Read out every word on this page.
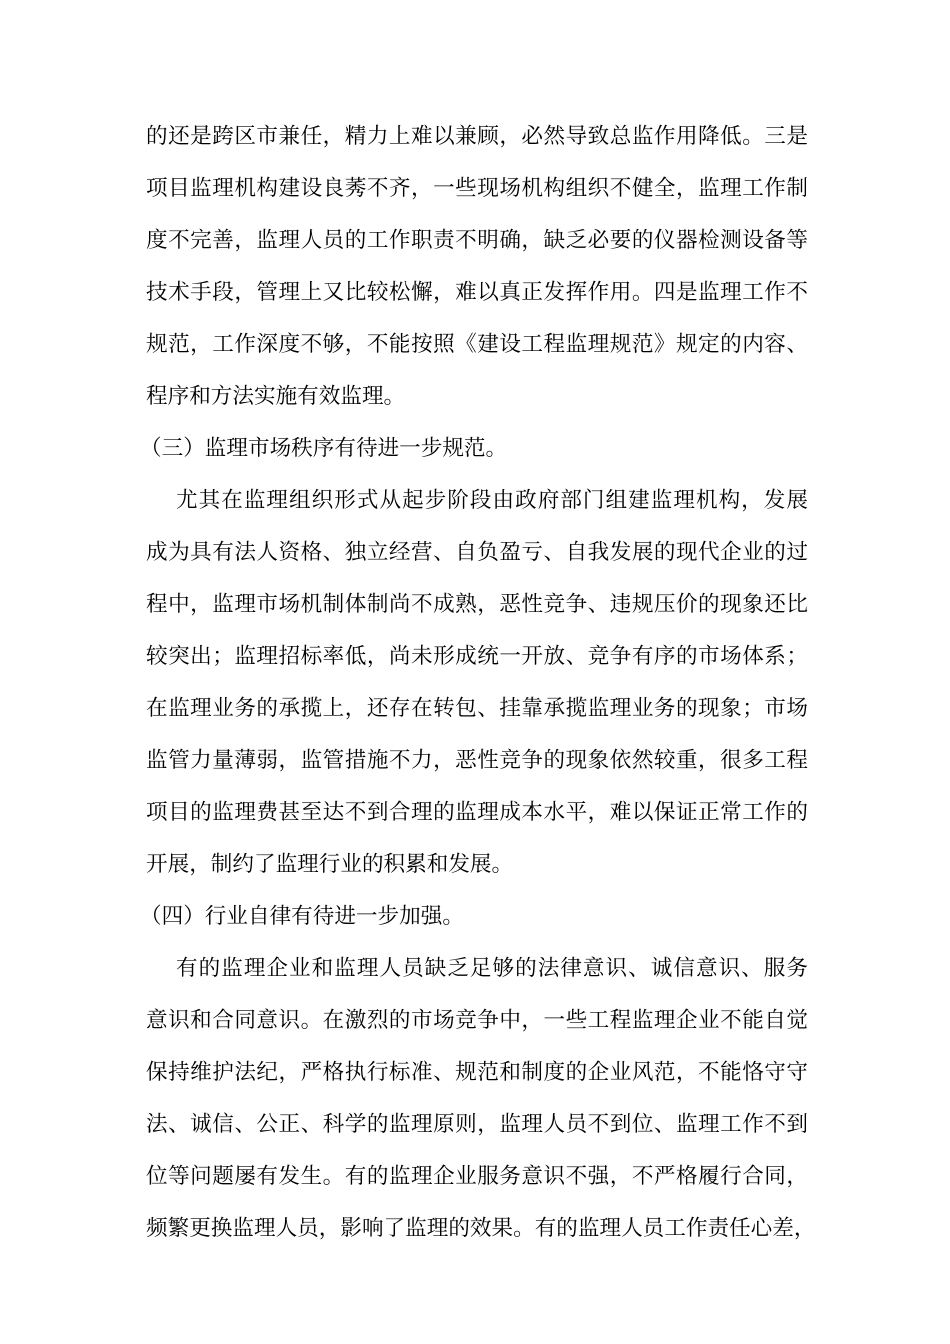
的还是跨区市兼任，精力上难以兼顾，必然导致总监作用降低。三是
项目监理机构建设良莠不齐，一些现场机构组织不健全，监理工作制
度不完善，监理人员的工作职责不明确，缺乏必要的仪器检测设备等
技术手段，管理上又比较松懈，难以真正发挥作用。四是监理工作不
规范，工作深度不够，不能按照《建设工程监理规范》规定的内容、
程序和方法实施有效监理。
（三）监理市场秩序有待进一步规范。
尤其在监理组织形式从起步阶段由政府部门组建监理机构，发展
成为具有法人资格、独立经营、自负盈亏、自我发展的现代企业的过
程中，监理市场机制体制尚不成熟，恶性竞争、违规压价的现象还比
较突出；监理招标率低，尚未形成统一开放、竞争有序的市场体系；
在监理业务的承揽上，还存在转包、挂靠承揽监理业务的现象；市场
监管力量薄弱，监管措施不力，恶性竞争的现象依然较重，很多工程
项目的监理费甚至达不到合理的监理成本水平，难以保证正常工作的
开展，制约了监理行业的积累和发展。
（四）行业自律有待进一步加强。
有的监理企业和监理人员缺乏足够的法律意识、诚信意识、服务
意识和合同意识。在激烈的市场竞争中，一些工程监理企业不能自觉
保持维护法纪，严格执行标准、规范和制度的企业风范，不能恪守守
法、诚信、公正、科学的监理原则，监理人员不到位、监理工作不到
位等问题屡有发生。有的监理企业服务意识不强，不严格履行合同，
频繁更换监理人员，影响了监理的效果。有的监理人员工作责任心差，
